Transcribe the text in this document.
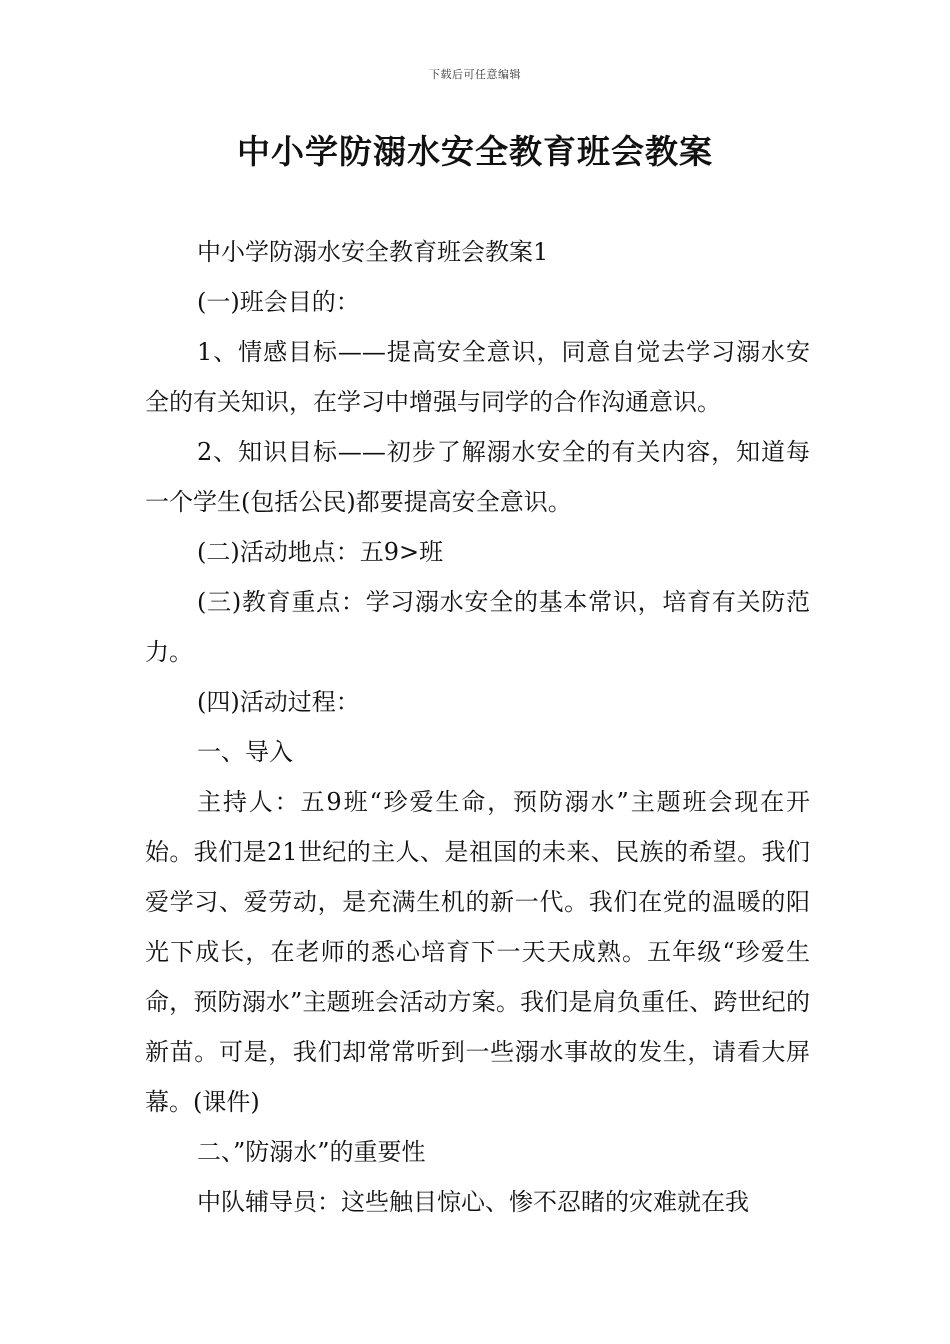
下载后可任意编辑
中小学防溺水安全教育班会教案

中小学防溺水安全教育班会教案1

(一)班会目的：

1、情感目标——提高安全意识，同意自觉去学习溺水安全的有关知识，在学习中增强与同学的合作沟通意识。

2、知识目标——初步了解溺水安全的有关内容，知道每一个学生(包括公民)都要提高安全意识。

(二)活动地点：五9>班

(三)教育重点：学习溺水安全的基本常识，培育有关防范力。

(四)活动过程：

一、导入

主持人：五9班“珍爱生命，预防溺水”主题班会现在开始。我们是21世纪的主人、是祖国的未来、民族的希望。我们爱学习、爱劳动，是充满生机的新一代。我们在党的温暖的阳光下成长，在老师的悉心培育下一天天成熟。五年级“珍爱生命，预防溺水”主题班会活动方案。我们是肩负重任、跨世纪的新苗。可是，我们却常常听到一些溺水事故的发生，请看大屏幕。(课件)

二、”防溺水”的重要性

中队辅导员：这些触目惊心、惨不忍睹的灾难就在我
